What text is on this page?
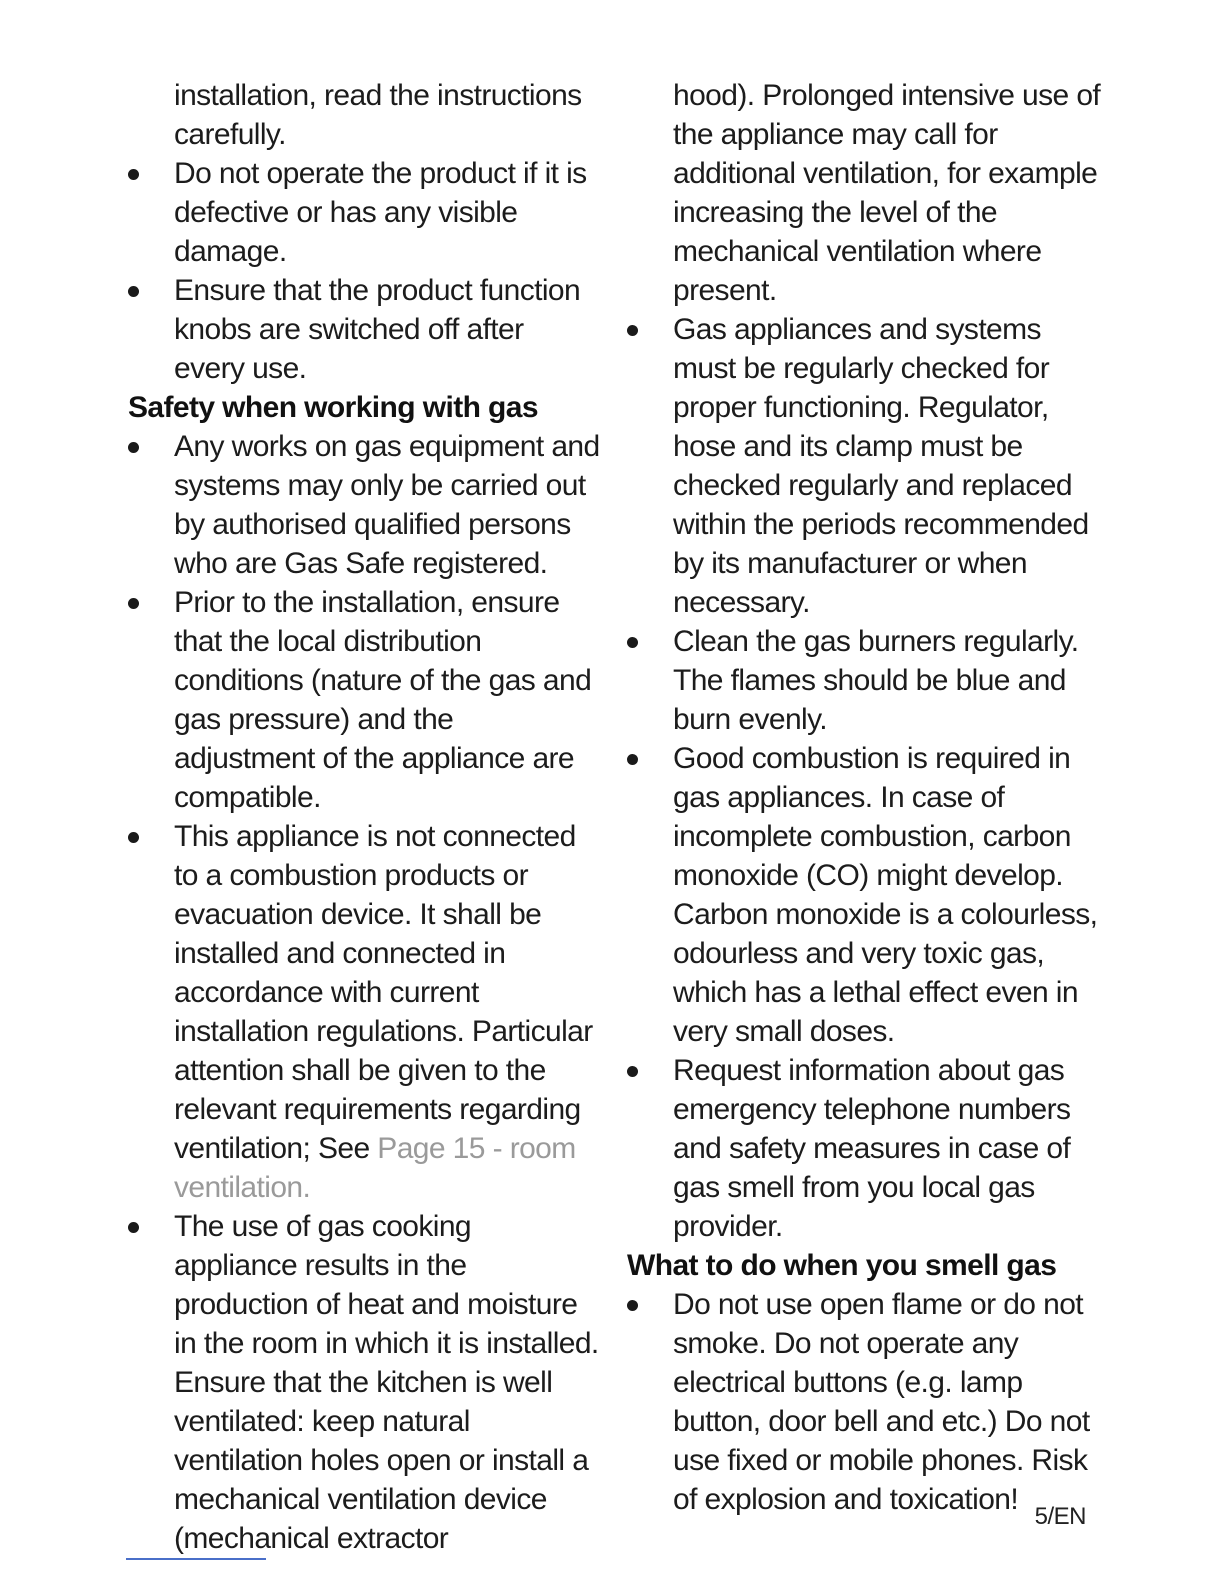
installation, read the instructions carefully.

Do not operate the product if it is defective or has any visible damage.
Ensure that the product function knobs are switched off after every use.
Safety when working with gas
Any works on gas equipment and systems may only be carried out by authorised qualified persons who are Gas Safe registered.
Prior to the installation, ensure that the local distribution conditions (nature of the gas and gas pressure) and the adjustment of the appliance are compatible.
This appliance is not connected to a combustion products or evacuation device. It shall be installed and connected in accordance with current installation regulations. Particular attention shall be given to the relevant requirements regarding ventilation; See Page 15 - room ventilation.
The use of gas cooking appliance results in the production of heat and moisture in the room in which it is installed. Ensure that the kitchen is well ventilated: keep natural ventilation holes open or install a mechanical ventilation device (mechanical extractor

hood). Prolonged intensive use of the appliance may call for additional ventilation, for example increasing the level of the mechanical ventilation where present.

Gas appliances and systems must be regularly checked for proper functioning. Regulator, hose and its clamp must be checked regularly and replaced within the periods recommended by its manufacturer or when necessary.
Clean the gas burners regularly. The flames should be blue and burn evenly.
Good combustion is required in gas appliances. In case of incomplete combustion, carbon monoxide (CO) might develop. Carbon monoxide is a colourless, odourless and very toxic gas, which has a lethal effect even in very small doses.
Request information about gas emergency telephone numbers and safety measures in case of gas smell from you local gas provider.
What to do when you smell gas
Do not use open flame or do not smoke. Do not operate any electrical buttons (e.g. lamp button, door bell and etc.) Do not use fixed or mobile phones. Risk of explosion and toxication!
5/EN
